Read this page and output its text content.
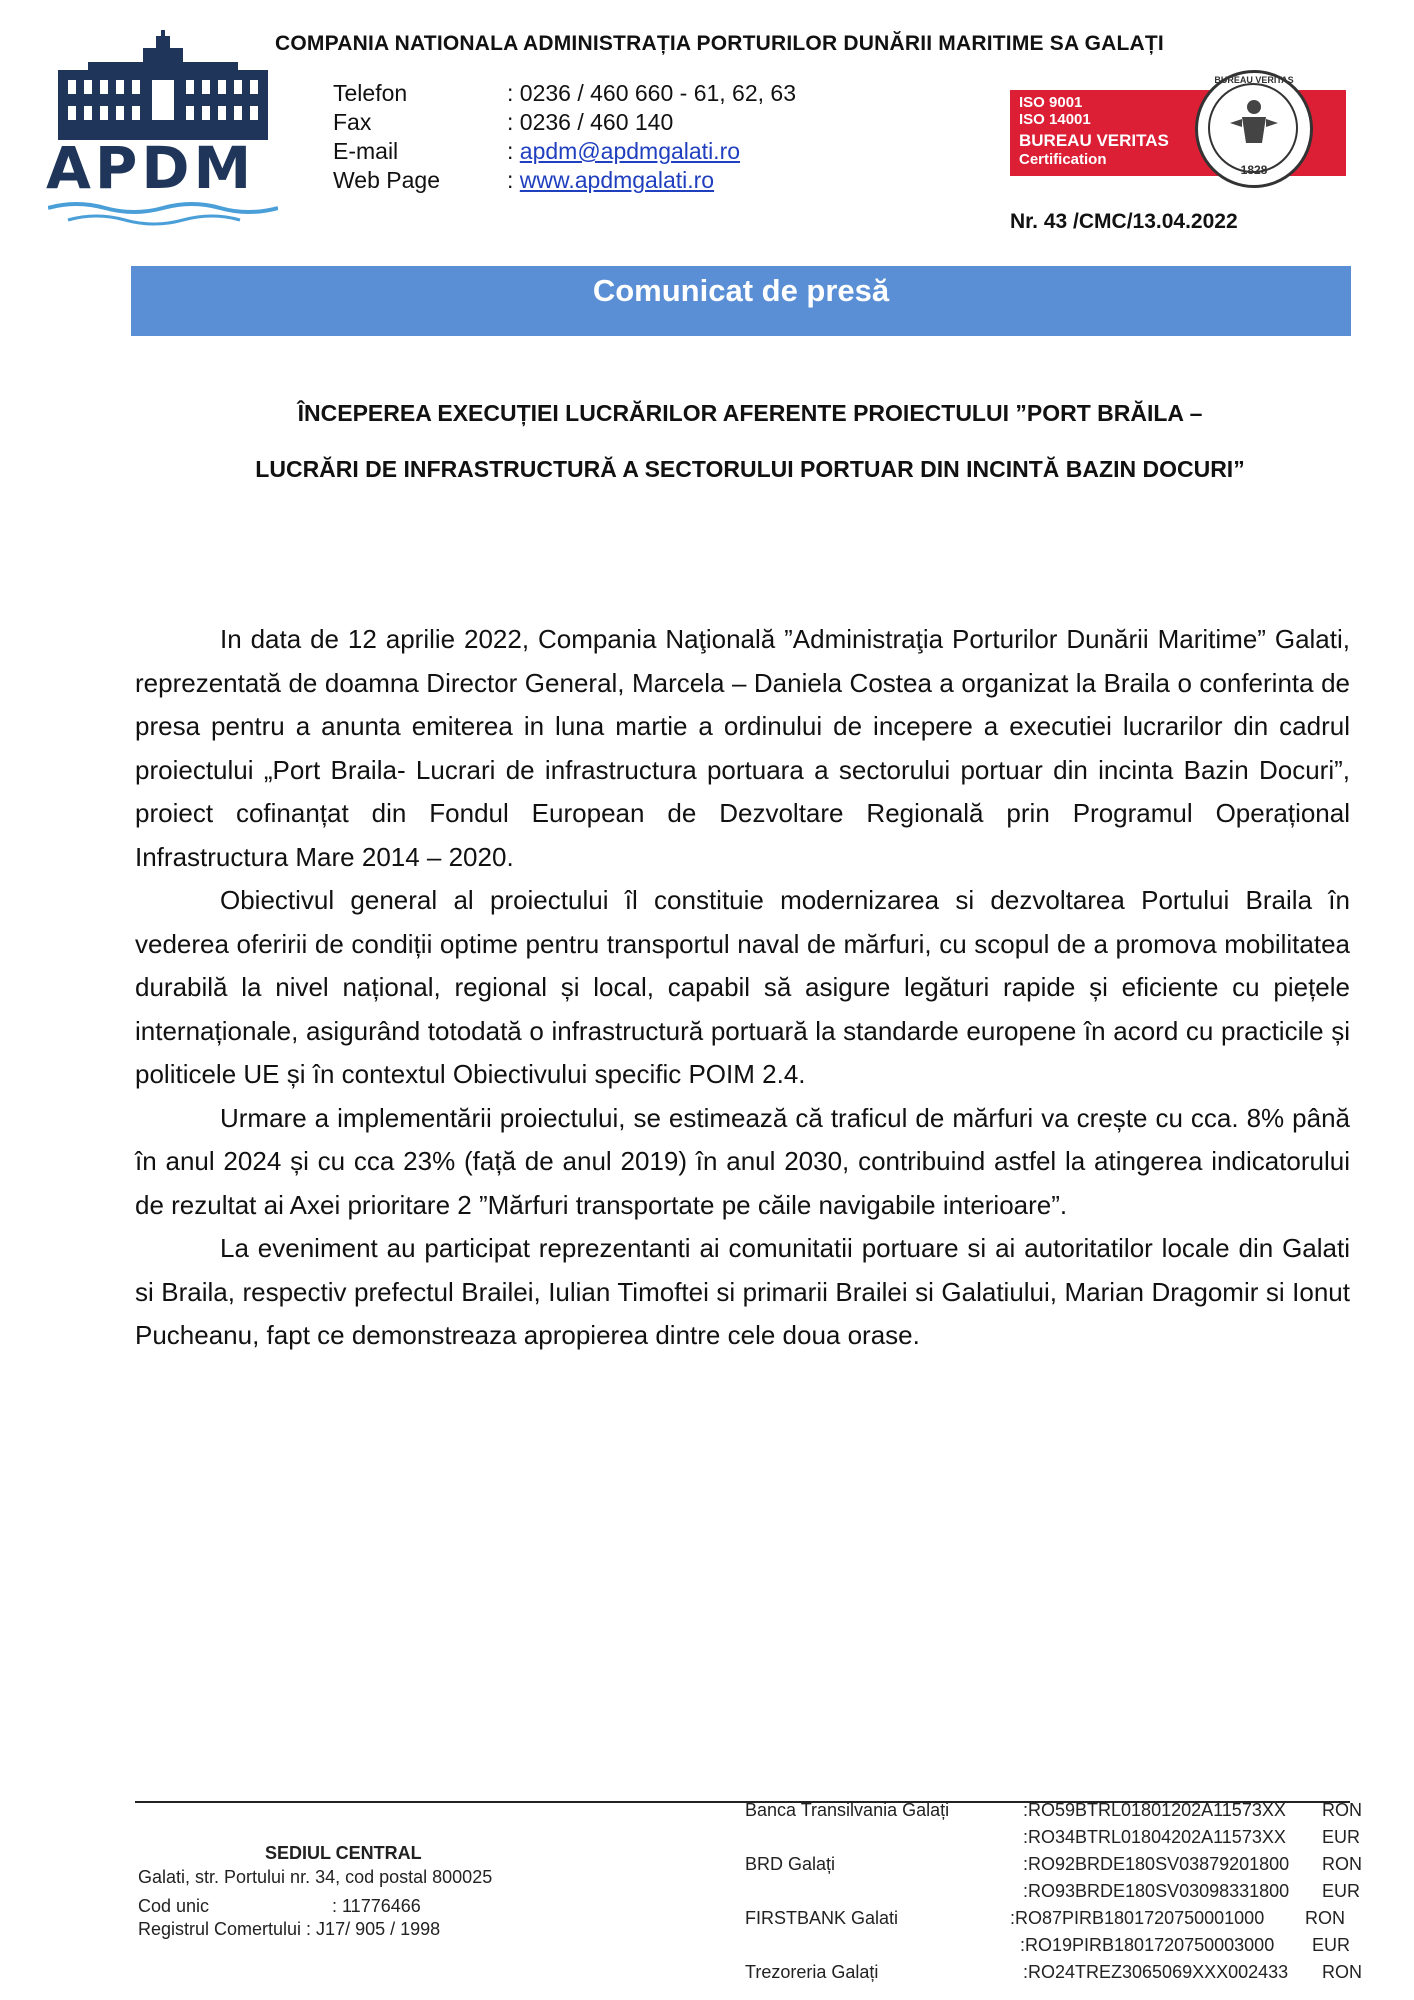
APDM
COMPANIA NATIONALA ADMINISTRAȚIA PORTURILOR DUNĂRII MARITIME SA GALAȚI
Telefon	: 0236 / 460 660 - 61, 62, 63
Fax	: 0236 / 460 140
E-mail	: apdm@apdmgalati.ro
Web Page	: www.apdmgalati.ro
ISO 9001
ISO 14001
BUREAU VERITAS
Certification
BUREAU VERITAS
1828
Nr. 43 /CMC/13.04.2022
Comunicat de presă
ÎNCEPEREA EXECUȚIEI LUCRĂRILOR AFERENTE PROIECTULUI ”PORT BRĂILA –
LUCRĂRI DE INFRASTRUCTURĂ A SECTORULUI PORTUAR DIN INCINTĂ BAZIN DOCURI”

In data de 12 aprilie 2022, Compania Naţională ”Administraţia Porturilor Dunării Maritime” Galati, reprezentată de doamna Director General, Marcela – Daniela Costea a organizat la Braila o conferinta de presa pentru a anunta emiterea in luna martie a ordinului de incepere a executiei lucrarilor din cadrul proiectului „Port Braila- Lucrari de infrastructura portuara a sectorului portuar din incinta Bazin Docuri”, proiect cofinanțat din Fondul European de Dezvoltare Regională prin Programul Operațional Infrastructura Mare 2014 – 2020.

Obiectivul general al proiectului îl constituie modernizarea si dezvoltarea Portului Braila în vederea oferirii de condiții optime pentru transportul naval de mărfuri, cu scopul de a promova mobilitatea durabilă la nivel național, regional și local, capabil să asigure legături rapide și eficiente cu piețele internaționale, asigurând totodată o infrastructură portuară la standarde europene în acord cu practicile și politicele UE și în contextul Obiectivului specific POIM 2.4.

Urmare a implementării proiectului, se estimează că traficul de mărfuri va crește cu cca. 8% până în anul 2024 și cu cca 23% (față de anul 2019) în anul 2030, contribuind astfel la atingerea indicatorului de rezultat ai Axei prioritare 2 ”Mărfuri transportate pe căile navigabile interioare”.

La eveniment au participat reprezentanti ai comunitatii portuare si ai autoritatilor locale din Galati si Braila, respectiv prefectul Brailei, Iulian Timoftei si primarii Brailei si Galatiului, Marian Dragomir si Ionut Pucheanu, fapt ce demonstreaza apropierea dintre cele doua orase.

SEDIUL CENTRAL
Galati, str. Portului nr. 34, cod postal 800025
Cod unic	: 11776466
Registrul Comertului : J17/ 905 / 1998
Banca Transilvania Galați	:RO59BTRL01801202A11573XX RON
:RO34BTRL01804202A11573XX EUR
BRD Galați	:RO92BRDE180SV03879201800 RON
:RO93BRDE180SV03098331800 EUR
FIRSTBANK Galati	:RO87PIRB1801720750001000 RON
:RO19PIRB1801720750003000 EUR
Trezoreria Galați	:RO24TREZ3065069XXX002433 RON
